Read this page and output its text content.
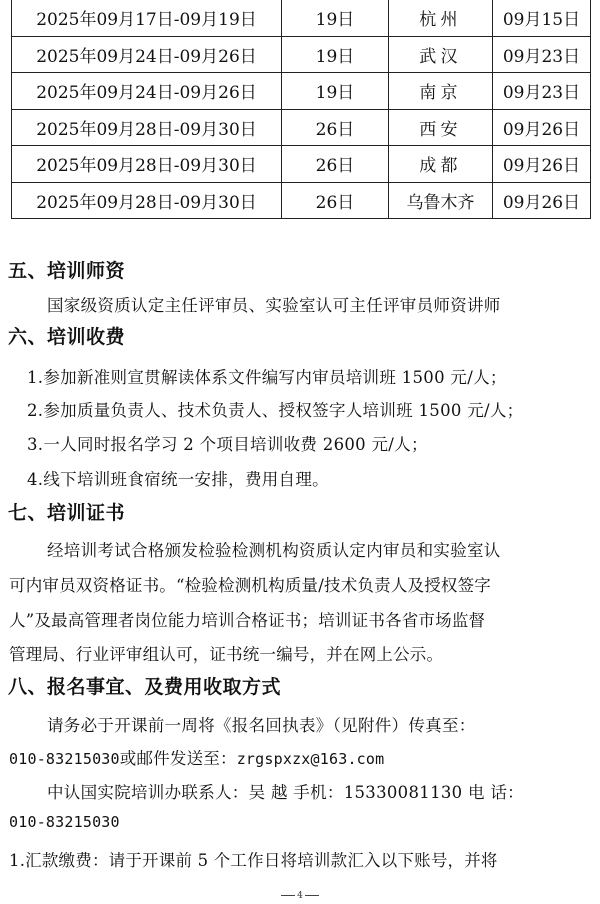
2025年09月17日-09月19日	19日	杭州	09月15日
2025年09月24日-09月26日	19日	武汉	09月23日
2025年09月24日-09月26日	19日	南京	09月23日
2025年09月28日-09月30日	26日	西安	09月26日
2025年09月28日-09月30日	26日	成都	09月26日
2025年09月28日-09月30日	26日	乌鲁木齐	09月26日
五、培训师资
国家级资质认定主任评审员、实验室认可主任评审员师资讲师
六、培训收费
1.参加新准则宣贯解读体系文件编写内审员培训班 1500 元/人；
2.参加质量负责人、技术负责人、授权签字人培训班 1500 元/人；
3.一人同时报名学习 2 个项目培训收费 2600 元/人；
4.线下培训班食宿统一安排，费用自理。
七、培训证书
经培训考试合格颁发检验检测机构资质认定内审员和实验室认
可内审员双资格证书。“检验检测机构质量/技术负责人及授权签字
人”及最高管理者岗位能力培训合格证书；培训证书各省市场监督
管理局、行业评审组认可，证书统一编号，并在网上公示。
八、报名事宜、及费用收取方式
请务必于开课前一周将《报名回执表》（见附件）传真至：
010-83215030或邮件发送至：zrgspxzx@163.com
中认国实院培训办联系人：吴 越 手机：15330081130 电 话：
010-83215030
1.汇款缴费：请于开课前 5 个工作日将培训款汇入以下账号，并将
4
